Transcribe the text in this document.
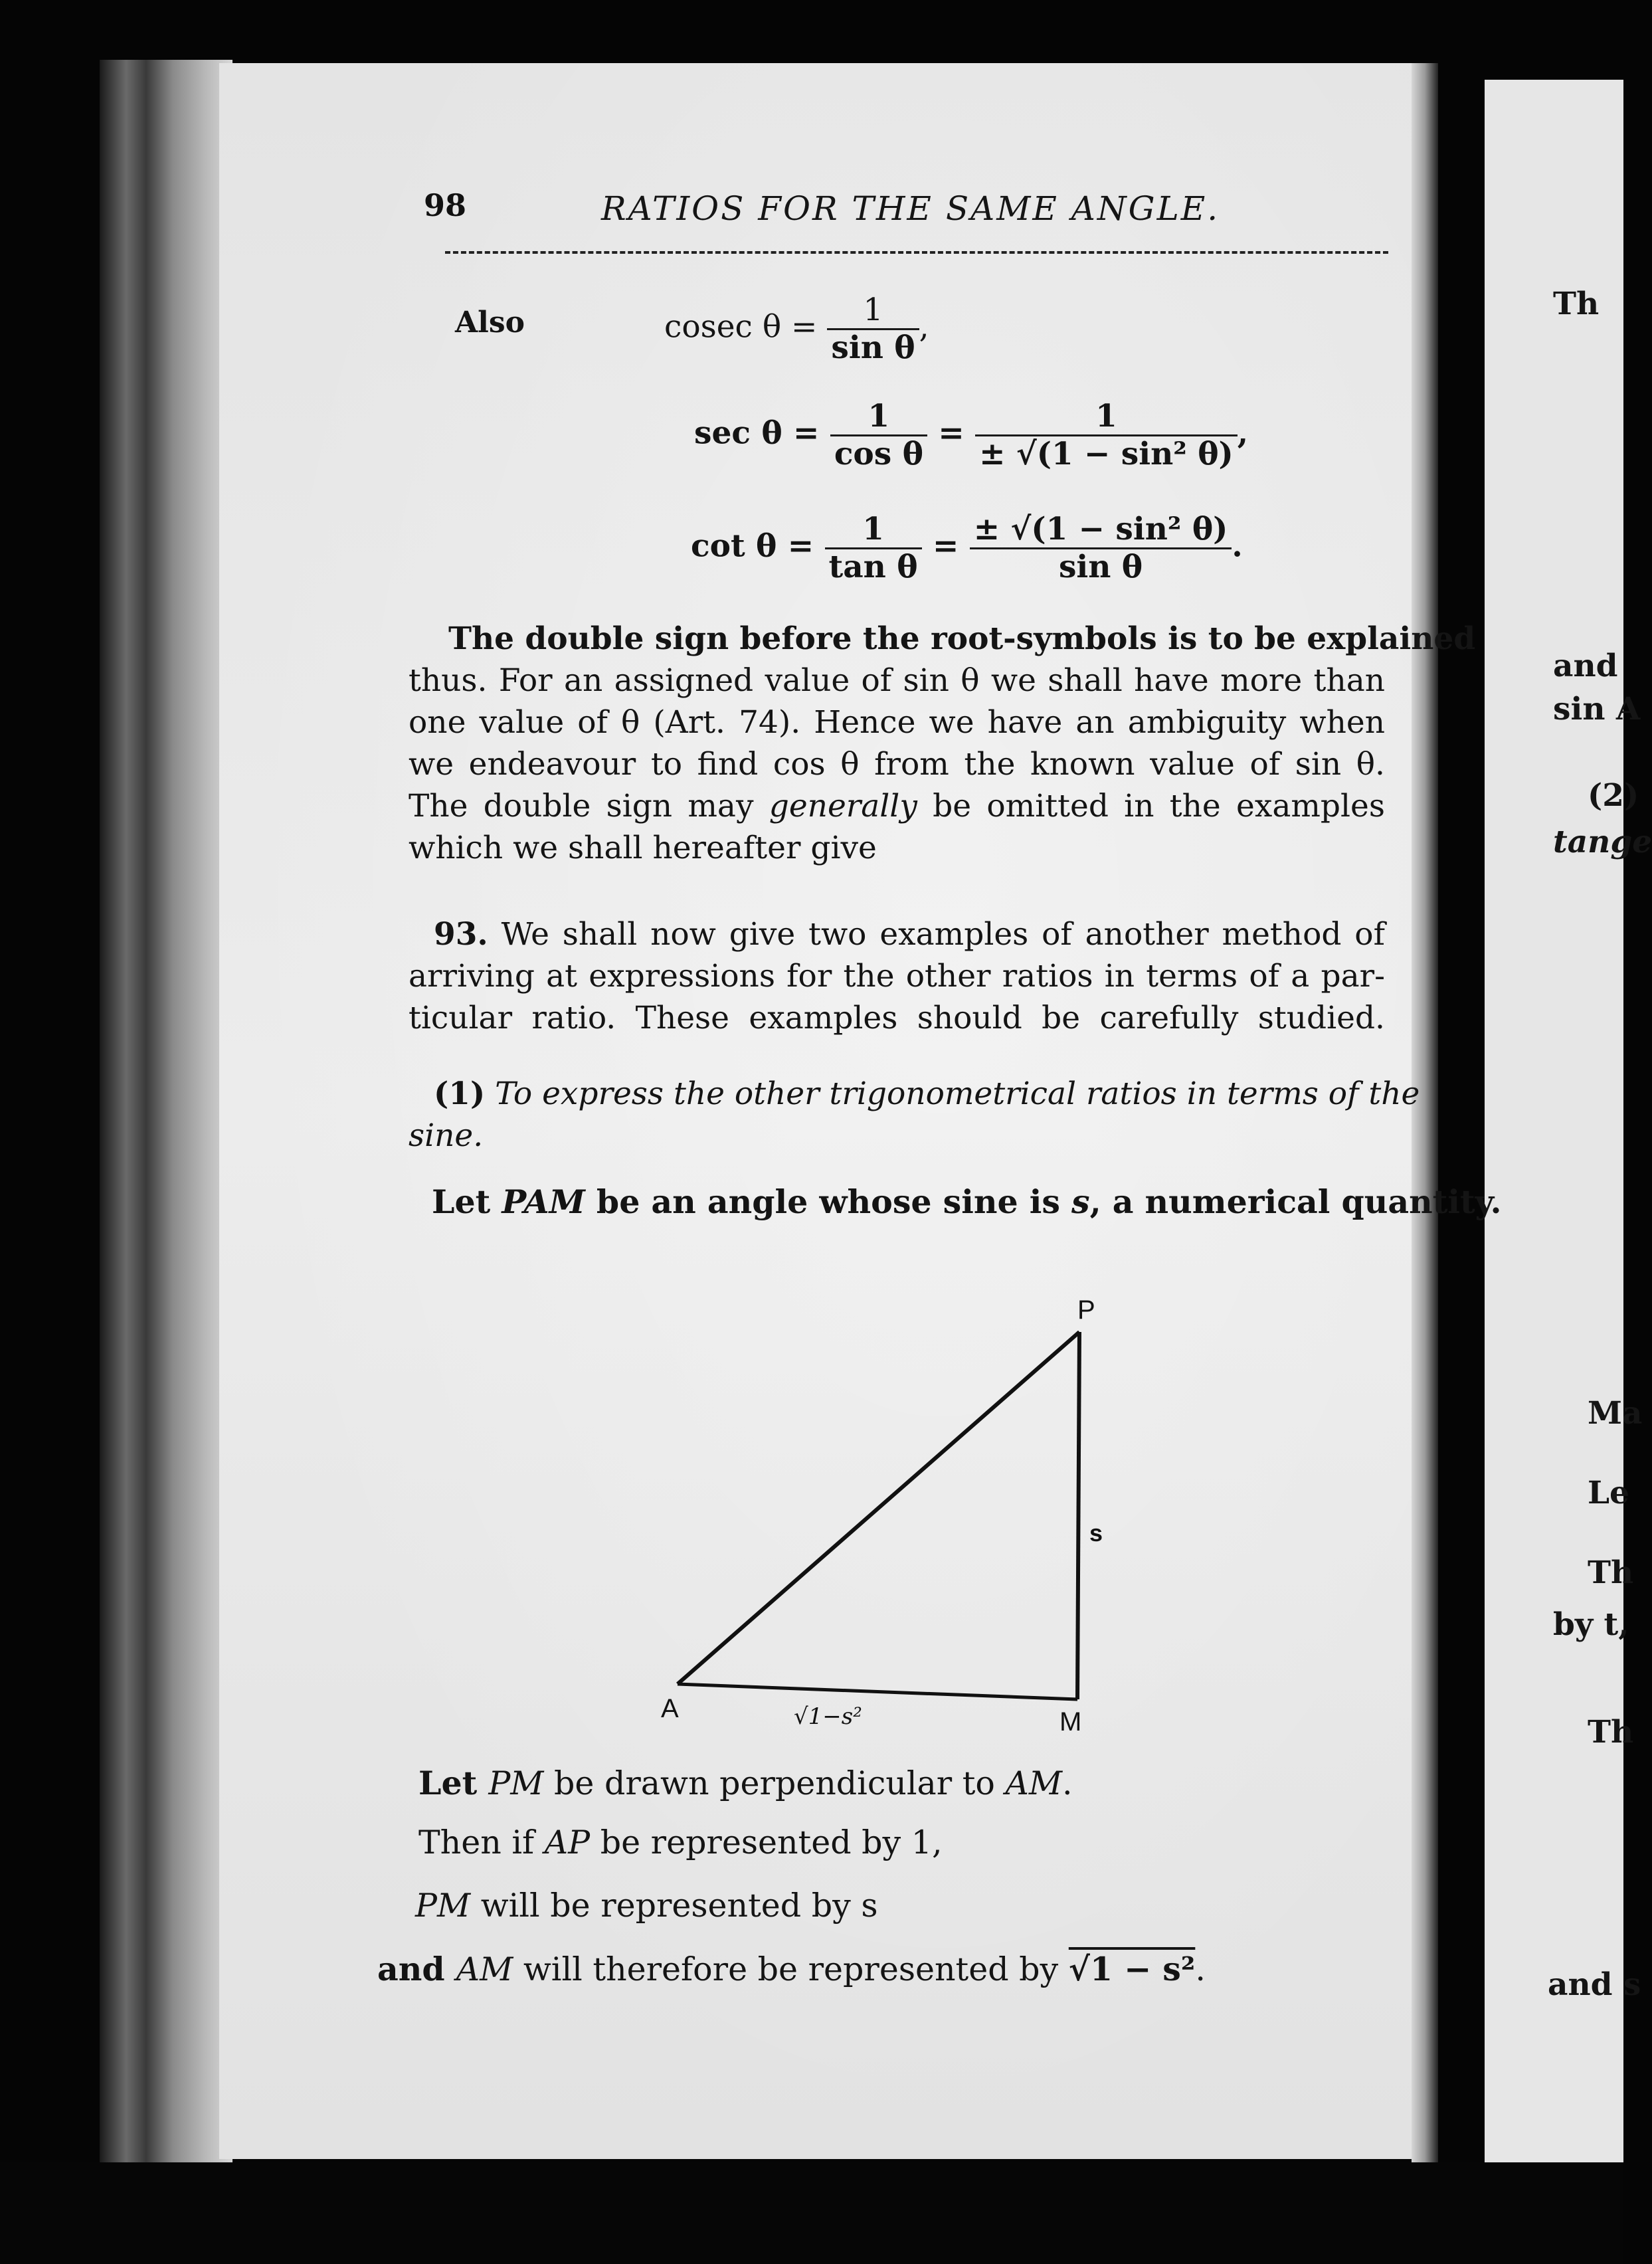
98	RATIOS FOR THE SAME ANGLE.
Also	cosec $\theta = \frac{1}{\text{sin θ}}$ ,
$\sec \theta = \frac{1}{\text{cos θ}} = \frac{1}{\text{± √(1 − sin² θ)}}$ ,
$\cot \theta = \frac{1}{\text{tan θ}} = \frac{\text{± √(1 − sin² θ)}}{\text{sin θ}}$ .
The double sign before the root-symbols is to be explained
thus. For an assigned value of sin θ we shall have more than
one value of θ (Art. 74). Hence we have an ambiguity when
we endeavour to find cos θ from the known value of sin θ.
The double sign may generally be omitted in the examples
which we shall hereafter give
93. We shall now give two examples of another method of
arriving at expressions for the other ratios in terms of a par-
ticular ratio. These examples should be carefully studied.
(1) To express the other trigonometrical ratios in terms of the
sine.
Let PAM be an angle whose sine is s, a numerical quantity.
P
A	M
s
√1−s²
Let PM be drawn perpendicular to AM.
Then if AP be represented by 1,
PM will be represented by s
and AM will therefore be represented by √1 − s².
Th
and
sin A
(2)
tange
Ma
Le
Th
by t,
Th
and s
